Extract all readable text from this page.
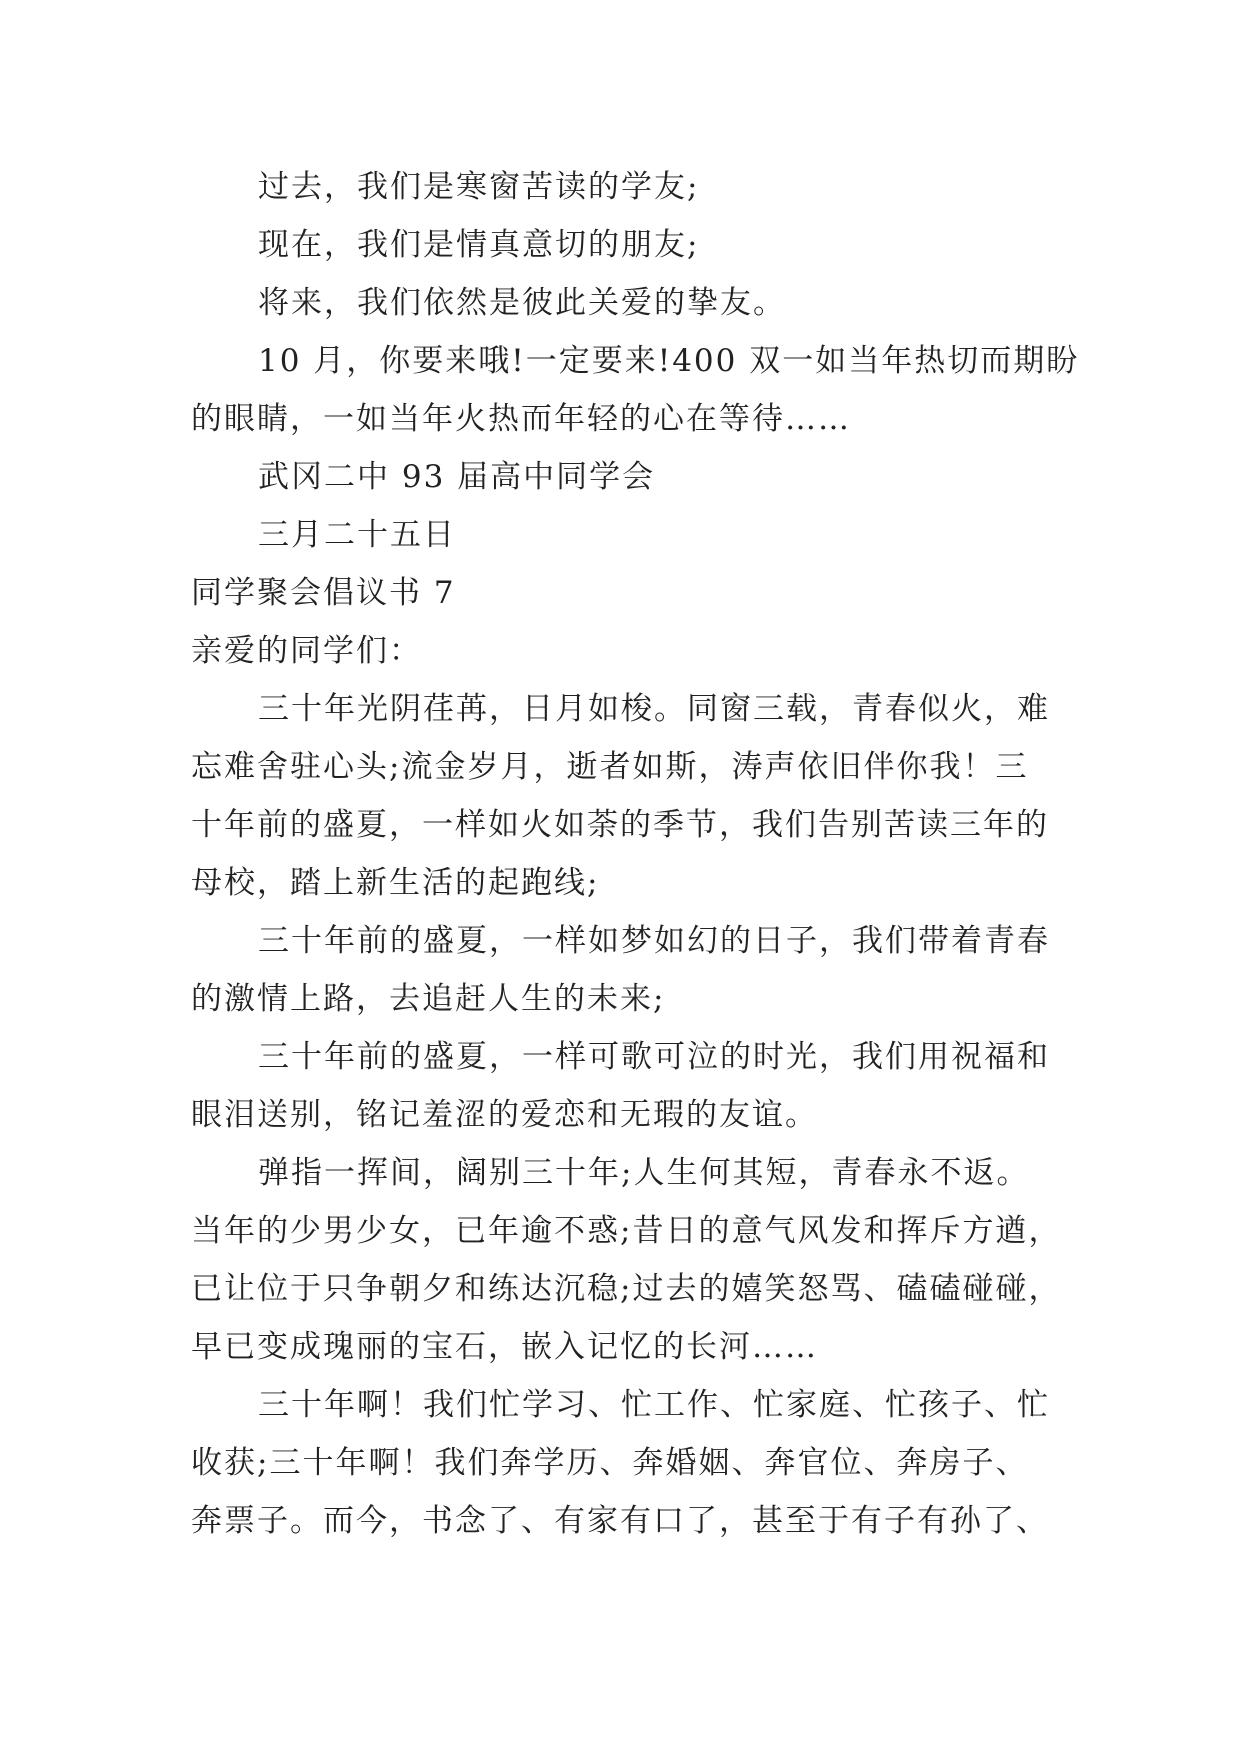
过去，我们是寒窗苦读的学友;
现在，我们是情真意切的朋友;
将来，我们依然是彼此关爱的挚友。
10 月，你要来哦!一定要来!400 双一如当年热切而期盼
的眼睛，一如当年火热而年轻的心在等待……
武冈二中 93 届高中同学会
三月二十五日
同学聚会倡议书 7
亲爱的同学们：
三十年光阴荏苒，日月如梭。同窗三载，青春似火，难
忘难舍驻心头;流金岁月，逝者如斯，涛声依旧伴你我！三
十年前的盛夏，一样如火如荼的季节，我们告别苦读三年的
母校，踏上新生活的起跑线;
三十年前的盛夏，一样如梦如幻的日子，我们带着青春
的激情上路，去追赶人生的未来;
三十年前的盛夏，一样可歌可泣的时光，我们用祝福和
眼泪送别，铭记羞涩的爱恋和无瑕的友谊。
弹指一挥间，阔别三十年;人生何其短，青春永不返。
当年的少男少女，已年逾不惑;昔日的意气风发和挥斥方遒，
已让位于只争朝夕和练达沉稳;过去的嬉笑怒骂、磕磕碰碰，
早已变成瑰丽的宝石，嵌入记忆的长河……
三十年啊！我们忙学习、忙工作、忙家庭、忙孩子、忙
收获;三十年啊！我们奔学历、奔婚姻、奔官位、奔房子、
奔票子。而今，书念了、有家有口了，甚至于有子有孙了、
